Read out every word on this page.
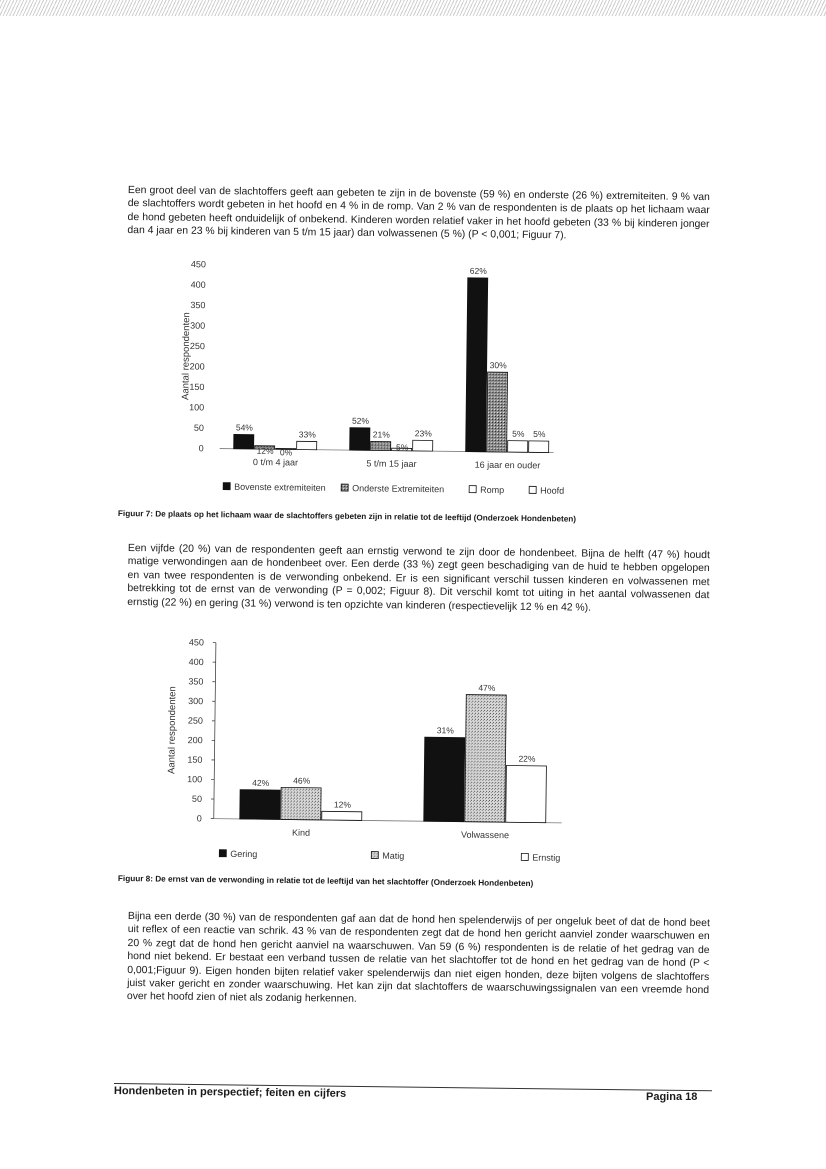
Een groot deel van de slachtoffers geeft aan gebeten te zijn in de bovenste (59 %) en onderste (26 %) extremiteiten. 9 % van de slachtoffers wordt gebeten in het hoofd en 4 % in de romp. Van 2 % van de respondenten is de plaats op het lichaam waar de hond gebeten heeft onduidelijk of onbekend. Kinderen worden relatief vaker in het hoofd gebeten (33 % bij kinderen jonger dan 4 jaar en 23 % bij kinderen van 5 t/m 15 jaar) dan volwassenen (5 %) (P < 0,001; Figuur 7).
Aantal respondenten
0
50
100
150
200
250
300
350
400
450
54%
12% 0%
33%
0 t/m 4 jaar
52%
21%
5%
23%
5 t/m 15 jaar
62%
30%
5% 5%
16 jaar en ouder
Bovenste extremiteiten	Onderste Extremiteiten	Romp	Hoofd
Figuur 7: De plaats op het lichaam waar de slachtoffers gebeten zijn in relatie tot de leeftijd (Onderzoek Hondenbeten)
Een vijfde (20 %) van de respondenten geeft aan ernstig verwond te zijn door de hondenbeet. Bijna de helft (47 %) houdt matige verwondingen aan de hondenbeet over. Een derde (33 %) zegt geen beschadiging van de huid te hebben opgelopen en van twee respondenten is de verwonding onbekend. Er is een significant verschil tussen kinderen en volwassenen met betrekking tot de ernst van de verwonding (P = 0,002; Figuur 8). Dit verschil komt tot uiting in het aantal volwassenen dat ernstig (22 %) en gering (31 %) verwond is ten opzichte van kinderen (respectievelijk 12 % en 42 %).
Aantal respondenten
0
50
100
150
200
250
300
350
400
450
42%	46%
12%
Kind
31%
47%
22%
Volwassene
Gering	Matig	Ernstig
Figuur 8: De ernst van de verwonding in relatie tot de leeftijd van het slachtoffer (Onderzoek Hondenbeten)
Bijna een derde (30 %) van de respondenten gaf aan dat de hond hen spelenderwijs of per ongeluk beet of dat de hond beet uit reflex of een reactie van schrik. 43 % van de respondenten zegt dat de hond hen gericht aanviel zonder waarschuwen en 20 % zegt dat de hond hen gericht aanviel na waarschuwen. Van 59 (6 %) respondenten is de relatie of het gedrag van de hond niet bekend. Er bestaat een verband tussen de relatie van het slachtoffer tot de hond en het gedrag van de hond (P < 0,001;Figuur 9). Eigen honden bijten relatief vaker spelenderwijs dan niet eigen honden, deze bijten volgens de slachtoffers juist vaker gericht en zonder waarschuwing. Het kan zijn dat slachtoffers de waarschuwingssignalen van een vreemde hond over het hoofd zien of niet als zodanig herkennen.
Hondenbeten in perspectief; feiten en cijfers	Pagina 18
